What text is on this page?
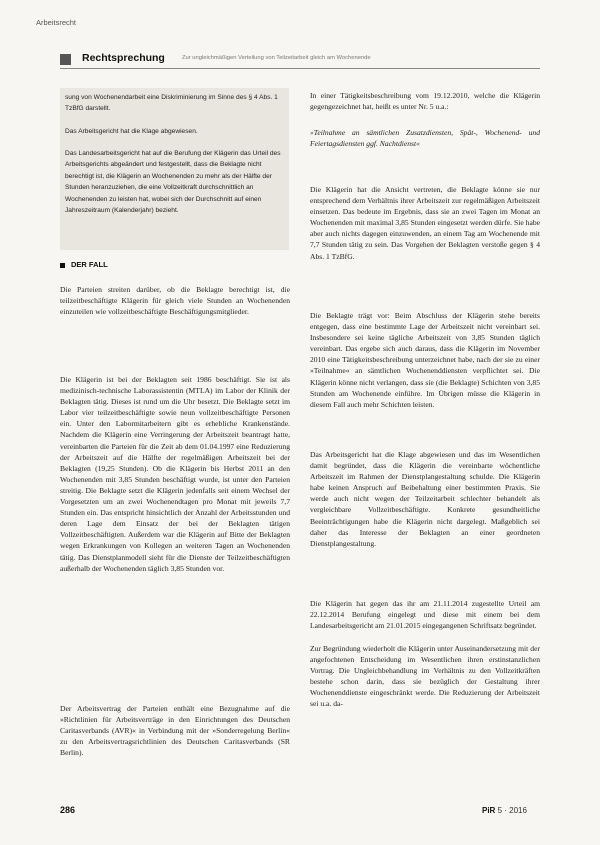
Arbeitsrecht
Rechtsprechung	Zur ungleichmäßigen Verteilung von Teilzeitarbeit gleich am Wochenende

sung von Wochenendarbeit eine Diskriminierung im Sinne des § 4 Abs. 1 TzBfG darstellt.

Das Arbeitsgericht hat die Klage abgewiesen.

Das Landesarbeitsgericht hat auf die Berufung der Klägerin das Urteil des Arbeitsgerichts abgeändert und festgestellt, dass die Beklagte nicht berechtigt ist, die Klägerin an Wochenenden zu mehr als der Hälfte der Stunden heranzuziehen, die eine Vollzeitkraft durchschnittlich an Wochenenden zu leisten hat, wobei sich der Durchschnitt auf einen Jahreszeitraum (Kalenderjahr) bezieht.

DER FALL

Die Parteien streiten darüber, ob die Beklagte berechtigt ist, die teilzeitbeschäftigte Klägerin für gleich viele Stunden an Wochenenden einzuteilen wie vollzeitbeschäftigte Beschäftigungsmitglieder.

Die Klägerin ist bei der Beklagten seit 1986 beschäftigt. Sie ist als medizinisch-technische Laborassistentin (MTLA) im Labor der Klinik der Beklagten tätig. Dieses ist rund um die Uhr besetzt. Die Beklagte setzt im Labor vier teilzeitbeschäftigte sowie neun vollzeitbeschäftigte Personen ein. Unter den Labormitarbeitern gibt es erhebliche Krankenstände. Nachdem die Klägerin eine Verringerung der Arbeitszeit beantragt hatte, vereinbarten die Parteien für die Zeit ab dem 01.04.1997 eine Reduzierung der Arbeitszeit auf die Hälfte der regelmäßigen Arbeitszeit bei der Beklagten (19,25 Stunden). Ob die Klägerin bis Herbst 2011 an den Wochenenden mit 3,85 Stunden beschäftigt wurde, ist unter den Parteien streitig. Die Beklagte setzt die Klägerin jedenfalls seit einem Wechsel der Vorgesetzten um an zwei Wochenendtagen pro Monat mit jeweils 7,7 Stunden ein. Das entspricht hinsichtlich der Anzahl der Arbeitsstunden und deren Lage dem Einsatz der bei der Beklagten tätigen Vollzeitbeschäftigten. Außerdem war die Klägerin auf Bitte der Beklagten wegen Erkrankungen von Kollegen an weiteren Tagen an Wochenenden tätig. Das Dienstplanmodell sieht für die Dienste der Teilzeitbeschäftigten außerhalb der Wochenenden täglich 3,85 Stunden vor.

Der Arbeitsvertrag der Parteien enthält eine Bezugnahme auf die »Richtlinien für Arbeitsverträge in den Einrichtungen des Deutschen Caritasverbands (AVR)« in Verbindung mit der »Sonderregelung Berlin« zu den Arbeitsvertragsrichtlinien des Deutschen Caritasverbands (SR Berlin).

In einer Tätigkeitsbeschreibung vom 19.12.2010, welche die Klägerin gegengezeichnet hat, heißt es unter Nr. 5 u.a.:

»Teilnahme an sämtlichen Zusatzdiensten, Spät-, Wochenend- und Feiertagsdiensten ggf. Nachtdienst«

Die Klägerin hat die Ansicht vertreten, die Beklagte könne sie nur entsprechend dem Verhältnis ihrer Arbeitszeit zur regelmäßigen Arbeitszeit einsetzen. Das bedeute im Ergebnis, dass sie an zwei Tagen im Monat an Wochenenden mit maximal 3,85 Stunden eingesetzt werden dürfe. Sie habe aber auch nichts dagegen einzuwenden, an einem Tag am Wochenende mit 7,7 Stunden tätig zu sein. Das Vorgehen der Beklagten verstoße gegen § 4 Abs. 1 TzBfG.

Die Beklagte trägt vor: Beim Abschluss der Klägerin stehe bereits entgegen, dass eine bestimmte Lage der Arbeitszeit nicht vereinbart sei. Insbesondere sei keine tägliche Arbeitszeit von 3,85 Stunden täglich vereinbart. Das ergebe sich auch daraus, dass die Klägerin im November 2010 eine Tätigkeitsbeschreibung unterzeichnet habe, nach der sie zu einer »Teilnahme« an sämtlichen Wochenenddiensten verpflichtet sei. Die Klägerin könne nicht verlangen, dass sie (die Beklagte) Schichten von 3,85 Stunden am Wochenende einführe. Im Übrigen müsse die Klägerin in diesem Fall auch mehr Schichten leisten.

Das Arbeitsgericht hat die Klage abgewiesen und das im Wesentlichen damit begründet, dass die Klägerin die vereinbarte wöchentliche Arbeitszeit im Rahmen der Dienstplangestaltung schulde. Die Klägerin habe keinen Anspruch auf Beibehaltung einer bestimmten Praxis. Sie werde auch nicht wegen der Teilzeitarbeit schlechter behandelt als vergleichbare Vollzeitbeschäftigte. Konkrete gesundheitliche Beeinträchtigungen habe die Klägerin nicht dargelegt. Maßgeblich sei daher das Interesse der Beklagten an einer geordneten Dienstplangestaltung.

Die Klägerin hat gegen das ihr am 21.11.2014 zugestellte Urteil am 22.12.2014 Berufung eingelegt und diese mit einem bei dem Landesarbeitsgericht am 21.01.2015 eingegangenen Schriftsatz begründet.

Zur Begründung wiederholt die Klägerin unter Auseinandersetzung mit der angefochtenen Entscheidung im Wesentlichen ihren erstinstanzlichen Vortrag. Die Ungleichbehandlung im Verhältnis zu den Vollzeitkräften bestehe schon darin, dass sie bezüglich der Gestaltung ihrer Wochenenddienste eingeschränkt werde. Die Reduzierung der Arbeitszeit sei u.a. da-

286	PiR 5 · 2016
